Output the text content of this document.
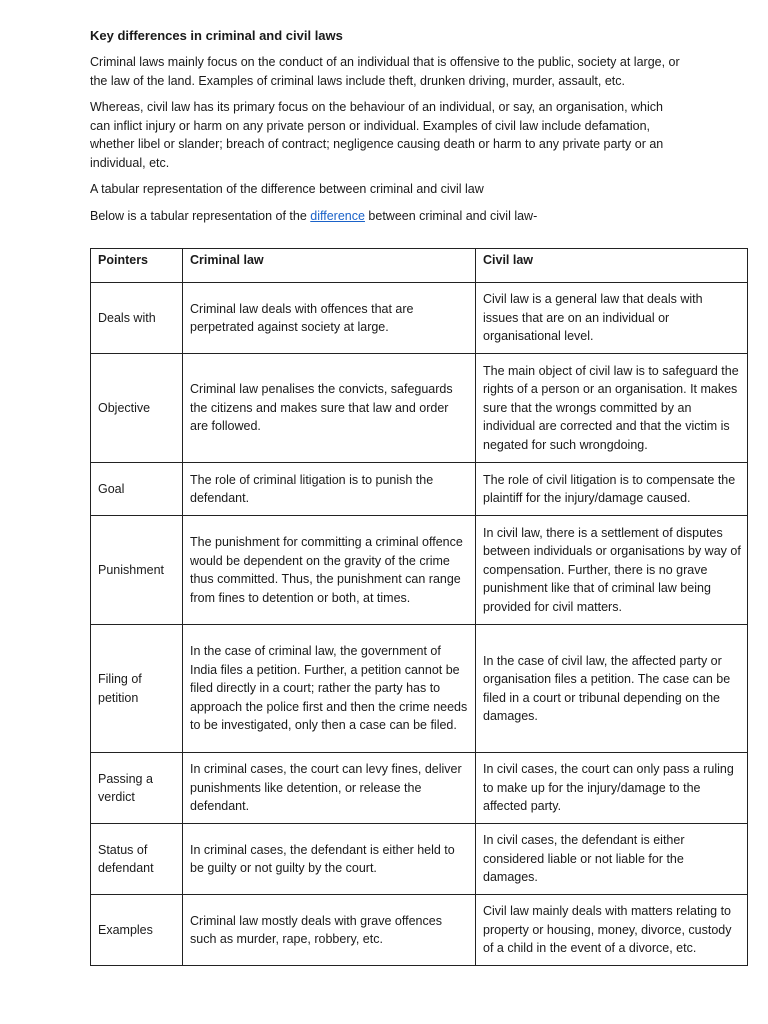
Key differences in criminal and civil laws

Criminal laws mainly focus on the conduct of an individual that is offensive to the public, society at large, or the law of the land. Examples of criminal laws include theft, drunken driving, murder, assault, etc.

Whereas, civil law has its primary focus on the behaviour of an individual, or say, an organisation, which can inflict injury or harm on any private person or individual. Examples of civil law include defamation, whether libel or slander; breach of contract; negligence causing death or harm to any private party or an individual, etc.

A tabular representation of the difference between criminal and civil law

Below is a tabular representation of the difference between criminal and civil law-

Pointers	Criminal law	Civil law
Deals with	Criminal law deals with offences that are perpetrated against society at large.	Civil law is a general law that deals with issues that are on an individual or organisational level.
Objective	Criminal law penalises the convicts, safeguards the citizens and makes sure that law and order are followed.	The main object of civil law is to safeguard the rights of a person or an organisation. It makes sure that the wrongs committed by an individual are corrected and that the victim is negated for such wrongdoing.
Goal	The role of criminal litigation is to punish the defendant.	The role of civil litigation is to compensate the plaintiff for the injury/damage caused.
Punishment	The punishment for committing a criminal offence would be dependent on the gravity of the crime thus committed. Thus, the punishment can range from fines to detention or both, at times.	In civil law, there is a settlement of disputes between individuals or organisations by way of compensation. Further, there is no grave punishment like that of criminal law being provided for civil matters.
Filing of petition	In the case of criminal law, the government of India files a petition. Further, a petition cannot be filed directly in a court; rather the party has to approach the police first and then the crime needs to be investigated, only then a case can be filed.	In the case of civil law, the affected party or organisation files a petition. The case can be filed in a court or tribunal depending on the damages.
Passing a verdict	In criminal cases, the court can levy fines, deliver punishments like detention, or release the defendant.	In civil cases, the court can only pass a ruling to make up for the injury/damage to the affected party.
Status of defendant	In criminal cases, the defendant is either held to be guilty or not guilty by the court.	In civil cases, the defendant is either considered liable or not liable for the damages.
Examples	Criminal law mostly deals with grave offences such as murder, rape, robbery, etc.	Civil law mainly deals with matters relating to property or housing, money, divorce, custody of a child in the event of a divorce, etc.
